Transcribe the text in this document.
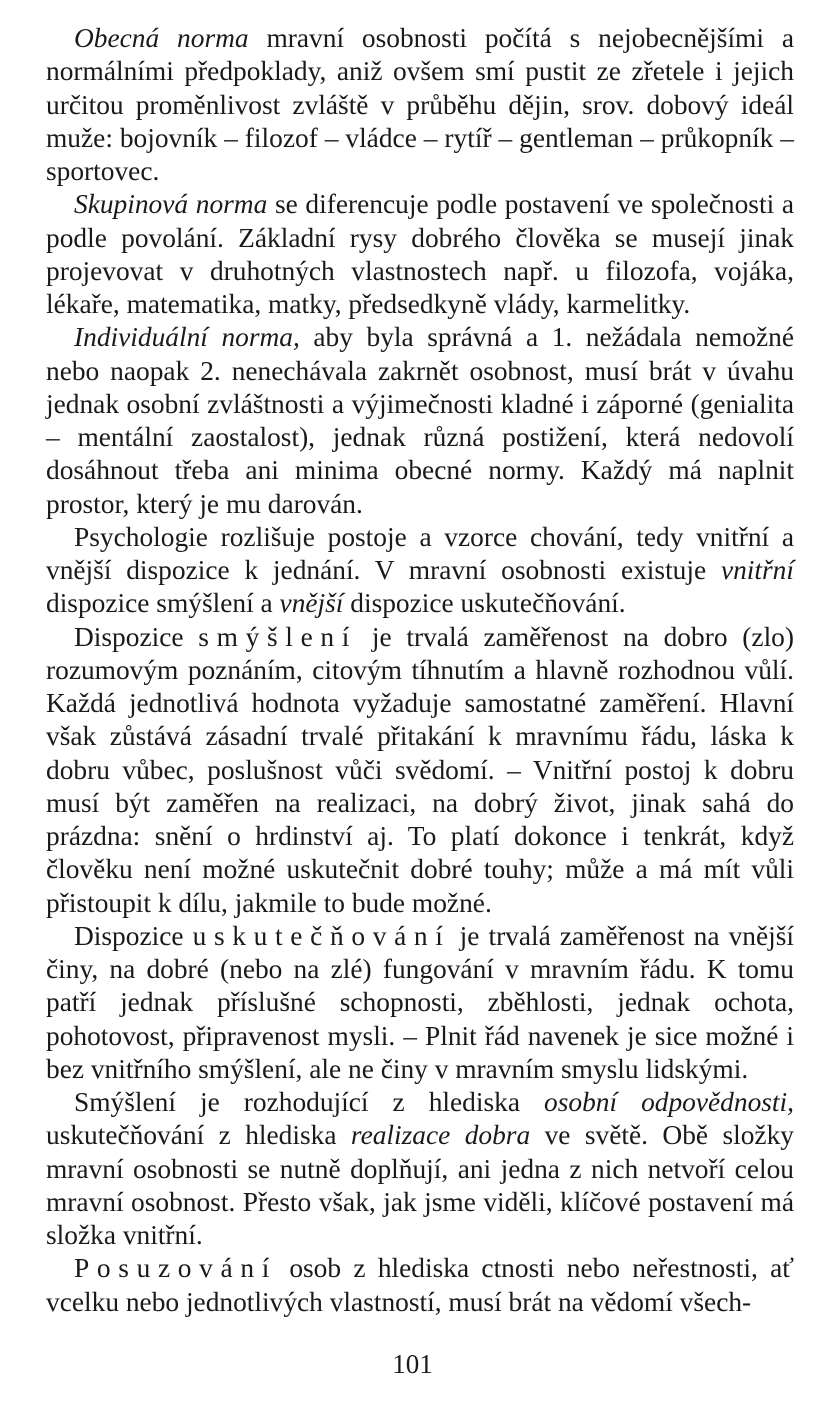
Obecná norma mravní osobnosti počítá s nejobecnějšími a normálními předpoklady, aniž ovšem smí pustit ze zřetele i jejich určitou proměnlivost zvláště v průběhu dějin, srov. dobový ideál muže: bojovník – filozof – vládce – rytíř – gentleman – průkopník – sportovec.

Skupinová norma se diferencuje podle postavení ve společnosti a podle povolání. Základní rysy dobrého člověka se musejí jinak projevovat v druhotných vlastnostech např. u filozofa, vojáka, lékaře, matematika, matky, předsedkyně vlády, karmelitky.

Individuální norma, aby byla správná a 1. nežádala nemožné nebo naopak 2. nenechávala zakrnět osobnost, musí brát v úvahu jednak osobní zvláštnosti a výjimečnosti kladné i záporné (genialita – mentální zaostalost), jednak různá postižení, která nedovolí dosáhnout třeba ani minima obecné normy. Každý má naplnit prostor, který je mu darován.

Psychologie rozlišuje postoje a vzorce chování, tedy vnitřní a vnější dispozice k jednání. V mravní osobnosti existuje vnitřní dispozice smýšlení a vnější dispozice uskutečňování.

Dispozice smýšlení je trvalá zaměřenost na dobro (zlo) rozumovým poznáním, citovým tíhnutím a hlavně rozhodnou vůlí. Každá jednotlivá hodnota vyžaduje samostatné zaměření. Hlavní však zůstává zásadní trvalé přitakání k mravnímu řádu, láska k dobru vůbec, poslušnost vůči svědomí. – Vnitřní postoj k dobru musí být zaměřen na realizaci, na dobrý život, jinak sahá do prázdna: snění o hrdinství aj. To platí dokonce i tenkrát, když člověku není možné uskutečnit dobré touhy; může a má mít vůli přistoupit k dílu, jakmile to bude možné.

Dispozice uskutečňování je trvalá zaměřenost na vnější činy, na dobré (nebo na zlé) fungování v mravním řádu. K tomu patří jednak příslušné schopnosti, zběhlosti, jednak ochota, pohotovost, připravenost mysli. – Plnit řád navenek je sice možné i bez vnitřního smýšlení, ale ne činy v mravním smyslu lidskými.

Smýšlení je rozhodující z hlediska osobní odpovědnosti, uskutečňování z hlediska realizace dobra ve světě. Obě složky mravní osobnosti se nutně doplňují, ani jedna z nich netvoří celou mravní osobnost. Přesto však, jak jsme viděli, klíčové postavení má složka vnitřní.

Posuzování osob z hlediska ctnosti nebo neřestnosti, ať vcelku nebo jednotlivých vlastností, musí brát na vědomí všech-

101
